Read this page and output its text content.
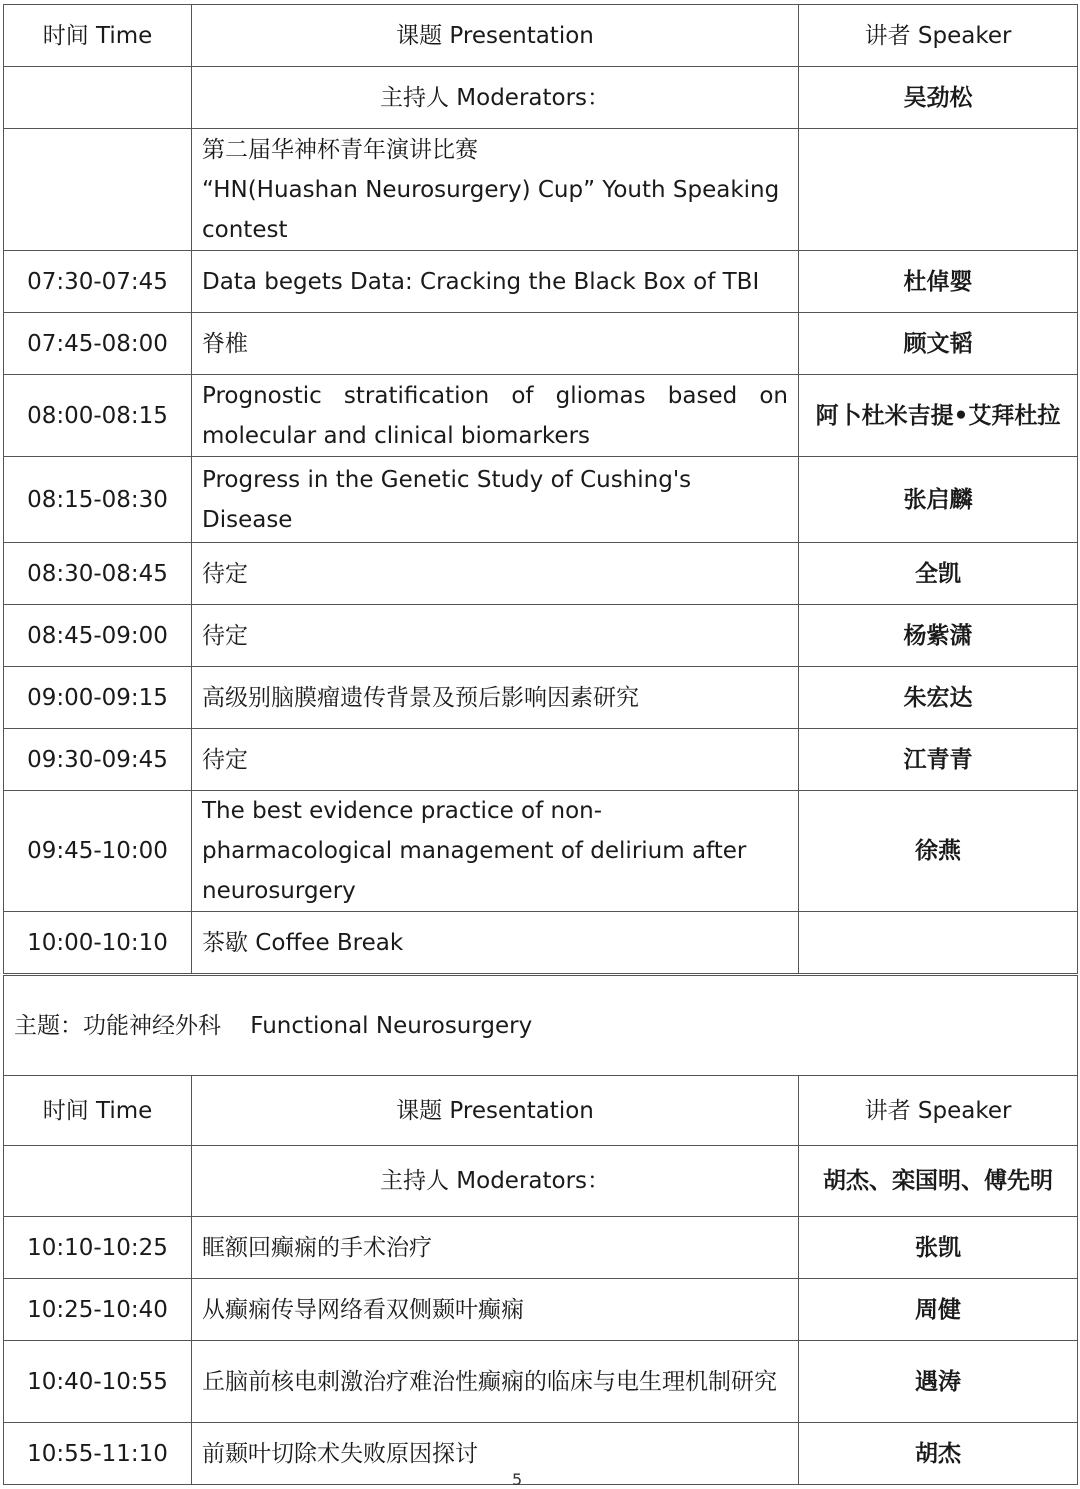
时间 Time	课题 Presentation	讲者 Speaker
	主持人 Moderators：	吴劲松

	第二届华神杯青年演讲比赛
“HN(Huashan Neurosurgery) Cup” Youth Speaking
contest	

07:30-07:45	Data begets Data: Cracking the Black Box of TBI	杜倬婴
07:45-08:00	脊椎	顾文韬
08:00-08:15	Prognostic stratification of gliomas based on molecular and clinical biomarkers	阿卜杜米吉提•艾拜杜拉
08:15-08:30	Progress in the Genetic Study of Cushing's Disease	张启麟
08:30-08:45	待定	全凯
08:45-09:00	待定	杨紫潇
09:00-09:15	高级别脑膜瘤遗传背景及预后影响因素研究	朱宏达
09:30-09:45	待定	江青青
09:45-10:00	The best evidence practice of non-pharmacological management of delirium after neurosurgery	徐燕
10:00-10:10	茶歇 Coffee Break	
主题：功能神经外科    Functional Neurosurgery		
时间 Time	课题 Presentation	讲者 Speaker
	主持人 Moderators：	胡杰、栾国明、傅先明
10:10-10:25	眶额回癫痫的手术治疗	张凯
10:25-10:40	从癫痫传导网络看双侧颞叶癫痫	周健
10:40-10:55	丘脑前核电刺激治疗难治性癫痫的临床与电生理机制研究	遇涛
10:55-11:10	前颞叶切除术失败原因探讨	胡杰
5
